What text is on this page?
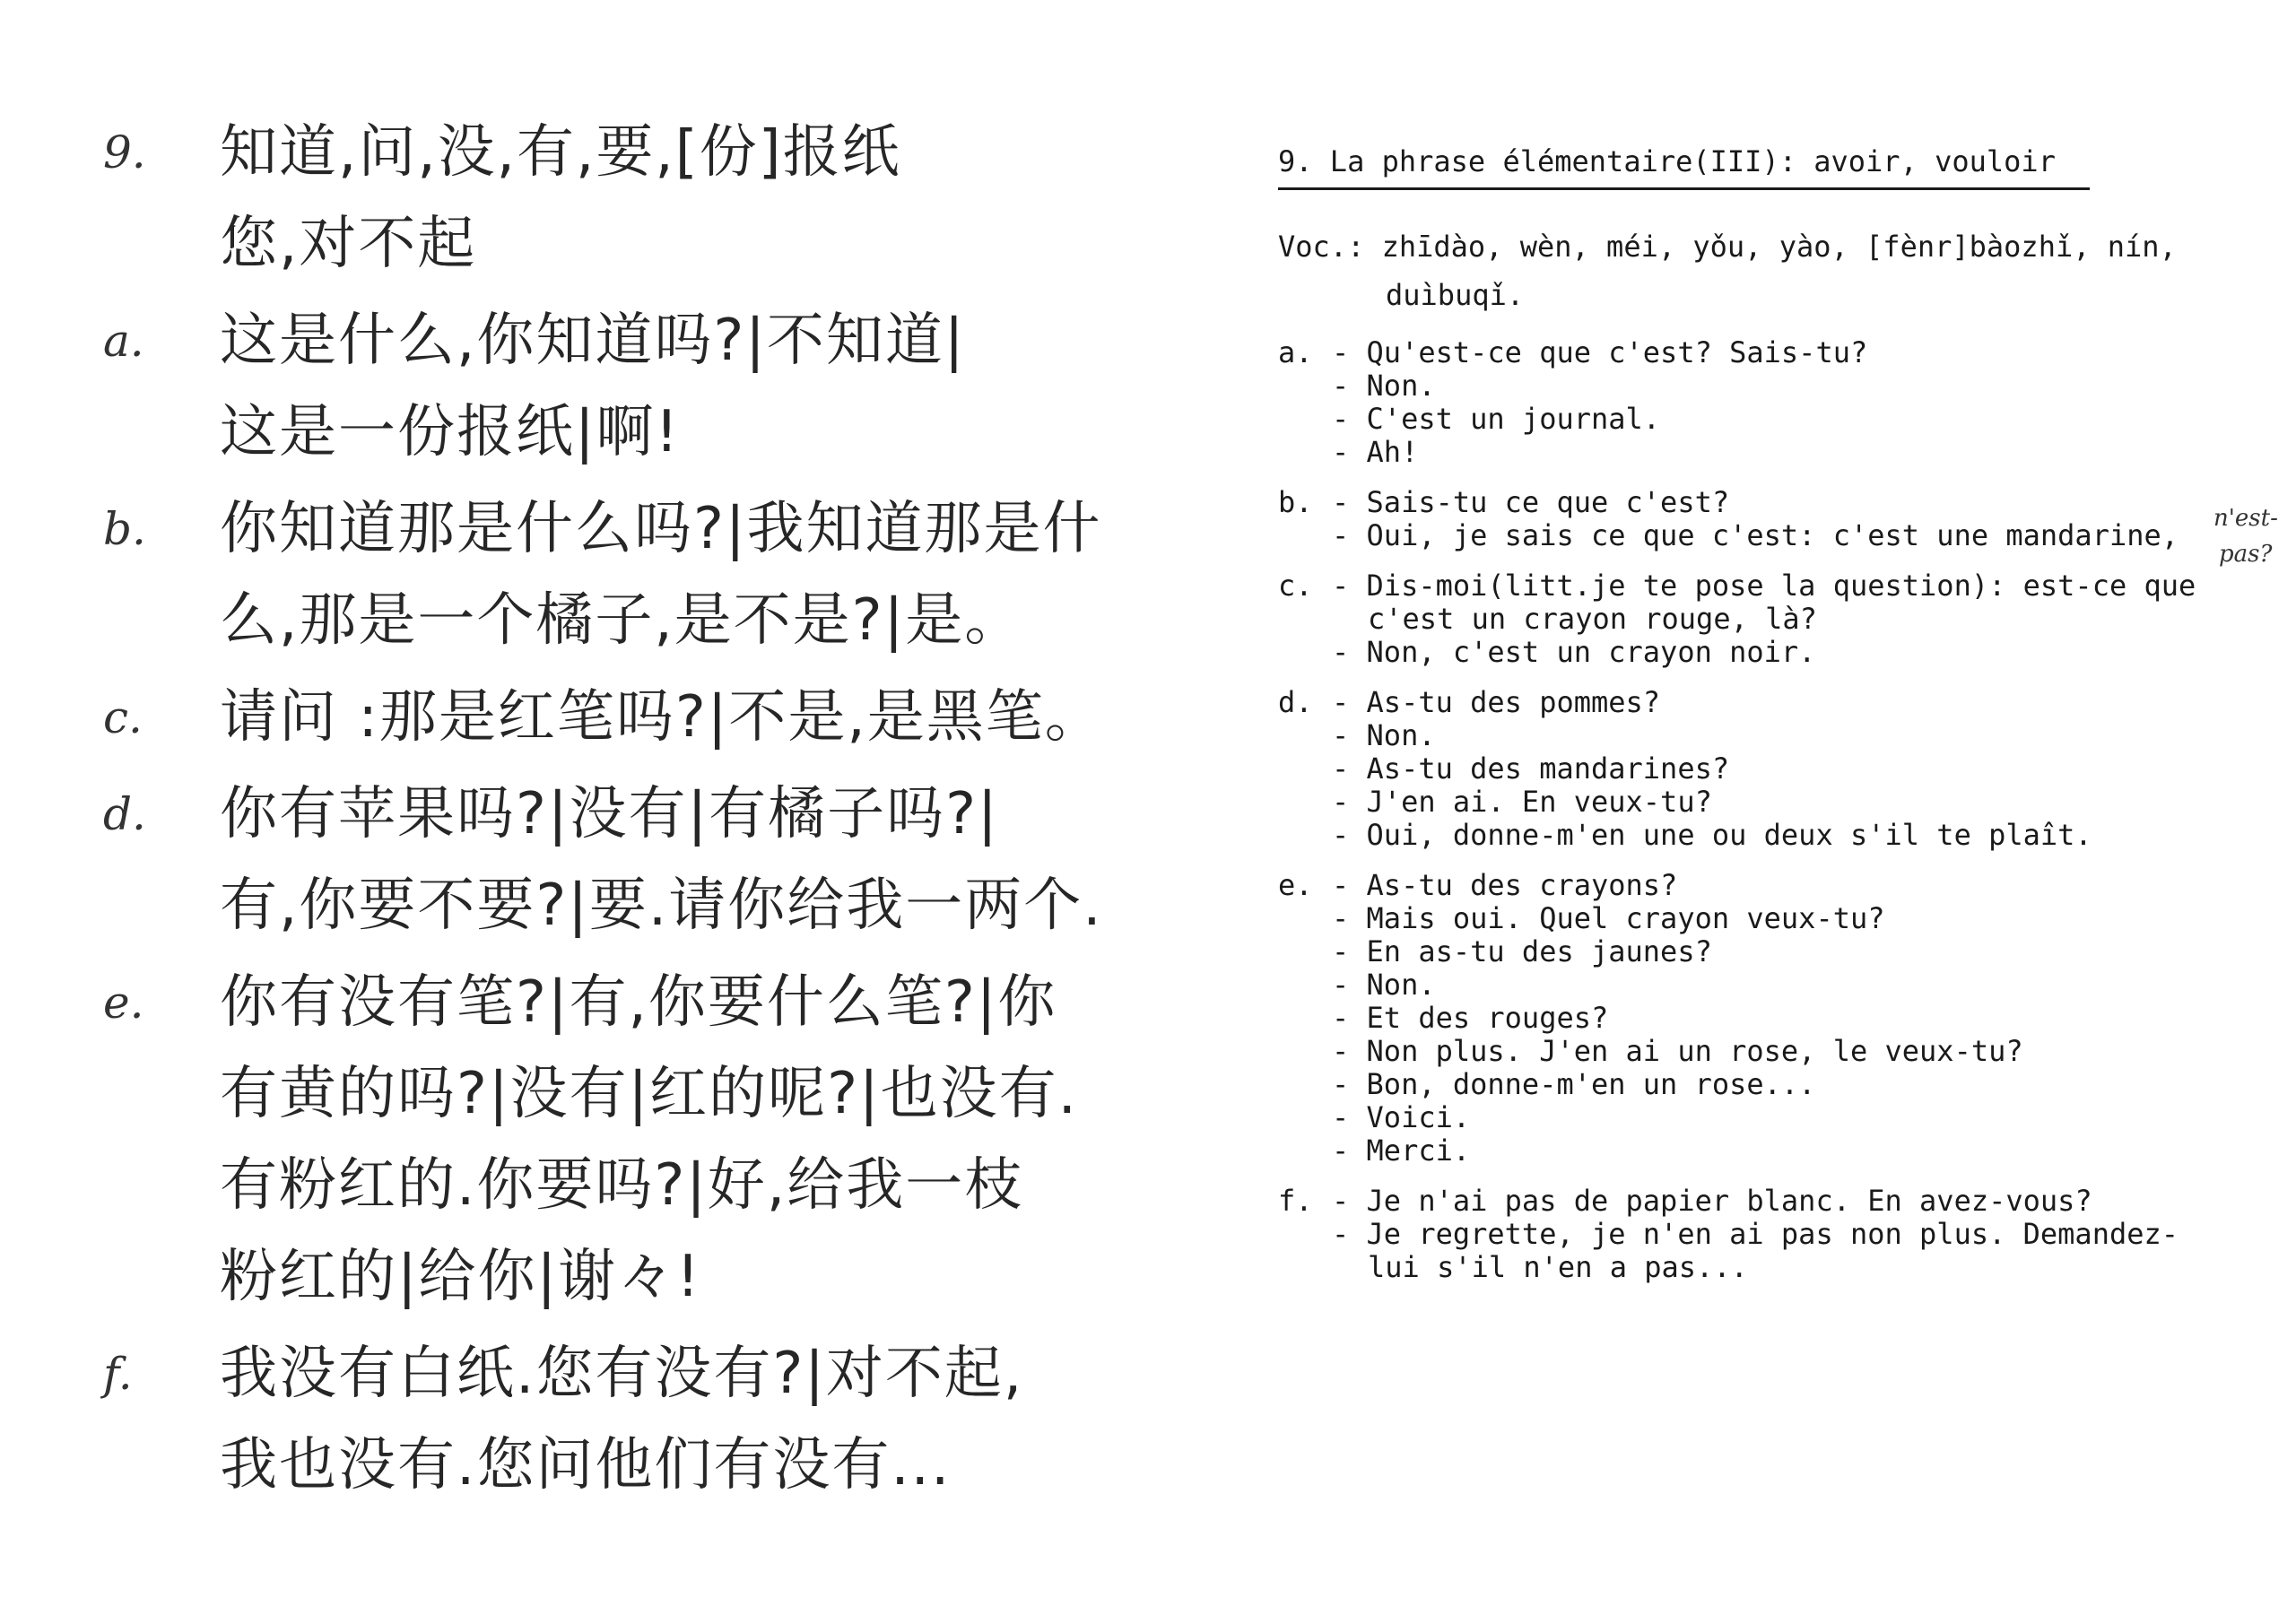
9.	知道,问,没,有,要,[份]报纸
您,对不起
a.	这是什么,你知道吗?|不知道|
这是一份报纸|啊!
b.	你知道那是什么吗?|我知道那是什
么,那是一个橘子,是不是?|是。
c.	请问 :那是红笔吗?|不是,是黑笔。
d.	你有苹果吗?|没有|有橘子吗?|
有,你要不要?|要.请你给我一两个.
e.	你有没有笔?|有,你要什么笔?|你
有黄的吗?|没有|红的呢?|也没有.
有粉红的.你要吗?|好,给我一枝
粉红的|给你|谢々!
f.	我没有白纸.您有没有?|对不起,
我也没有.您问他们有没有...
9. La phrase élémentaire(III): avoir, vouloir
Voc.: zhīdào, wèn, méi, yǒu, yào, [fènr]bàozhǐ, nín,
duìbuqǐ.
a. - Qu'est-ce que c'est? Sais-tu?
- Non.
- C'est un journal.
- Ah!
b. - Sais-tu ce que c'est?
- Oui, je sais ce que c'est: c'est une mandarine,
c. - Dis-moi(litt.je te pose la question): est-ce que
c'est un crayon rouge, là?
- Non, c'est un crayon noir.
d. - As-tu des pommes?
- Non.
- As-tu des mandarines?
- J'en ai. En veux-tu?
- Oui, donne-m'en une ou deux s'il te plaît.
e. - As-tu des crayons?
- Mais oui. Quel crayon veux-tu?
- En as-tu des jaunes?
- Non.
- Et des rouges?
- Non plus. J'en ai un rose, le veux-tu?
- Bon, donne-m'en un rose...
- Voici.
- Merci.
f. - Je n'ai pas de papier blanc. En avez-vous?
- Je regrette, je n'en ai pas non plus. Demandez-
lui s'il n'en a pas...
n'est-
pas?
